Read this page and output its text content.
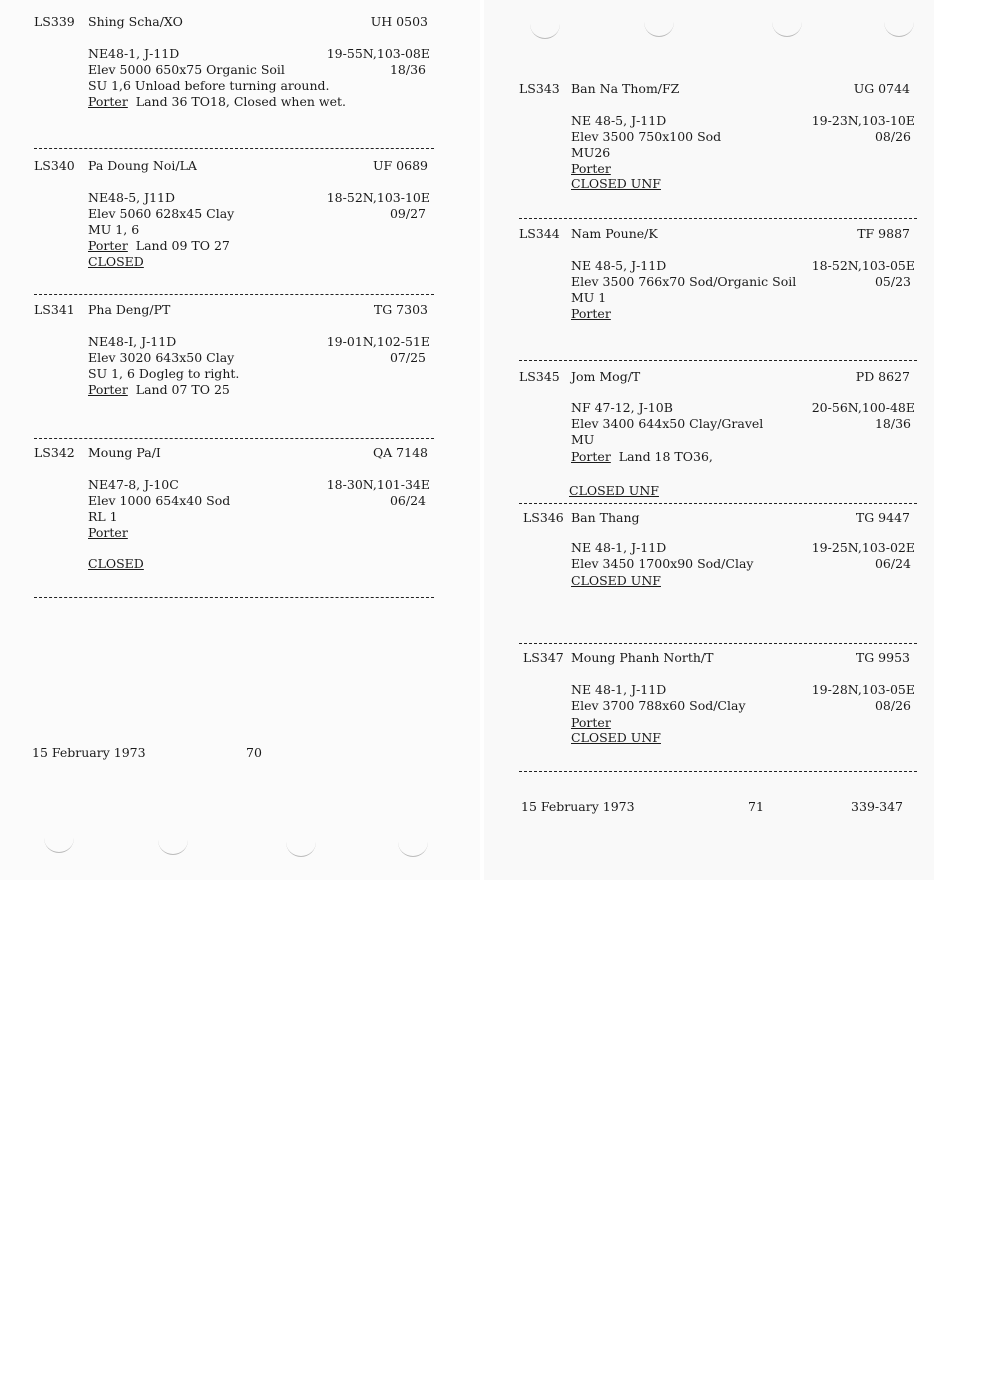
LS339 Shing Scha/XO	UH 0503
NE48-1, J-11D	19-55N,103-08E
Elev 5000 650x75 Organic Soil	18/36
SU 1,6 Unload before turning around.
Porter Land 36 TO18, Closed when wet.
LS340 Pa Doung Noi/LA	UF 0689
NE48-5, J11D	18-52N,103-10E
Elev 5060 628x45 Clay	09/27
MU 1, 6
Porter Land 09 TO 27
CLOSED
LS341 Pha Deng/PT	TG 7303
NE48-I, J-11D	19-01N,102-51E
Elev 3020 643x50 Clay	07/25
SU 1, 6 Dogleg to right.
Porter Land 07 TO 25
LS342 Moung Pa/I	QA 7148
NE47-8, J-10C	18-30N,101-34E
Elev 1000 654x40 Sod	06/24
RL 1
Porter
CLOSED
15 February 1973	70
LS343 Ban Na Thom/FZ	UG 0744
NE 48-5, J-11D	19-23N,103-10E
Elev 3500 750x100 Sod	08/26
MU26
Porter
CLOSED UNF
LS344 Nam Poune/K	TF 9887
NE 48-5, J-11D	18-52N,103-05E
Elev 3500 766x70 Sod/Organic Soil	05/23
MU 1
Porter
LS345 Jom Mog/T	PD 8627
NF 47-12, J-10B	20-56N,100-48E
Elev 3400 644x50 Clay/Gravel	18/36
MU
Porter Land 18 TO36,
CLOSED UNF
LS346 Ban Thang	TG 9447
NE 48-1, J-11D	19-25N,103-02E
Elev 3450 1700x90 Sod/Clay	06/24
CLOSED UNF
LS347 Moung Phanh North/T	TG 9953
NE 48-1, J-11D	19-28N,103-05E
Elev 3700 788x60 Sod/Clay	08/26
Porter
CLOSED UNF
15 February 1973	71	339-347
